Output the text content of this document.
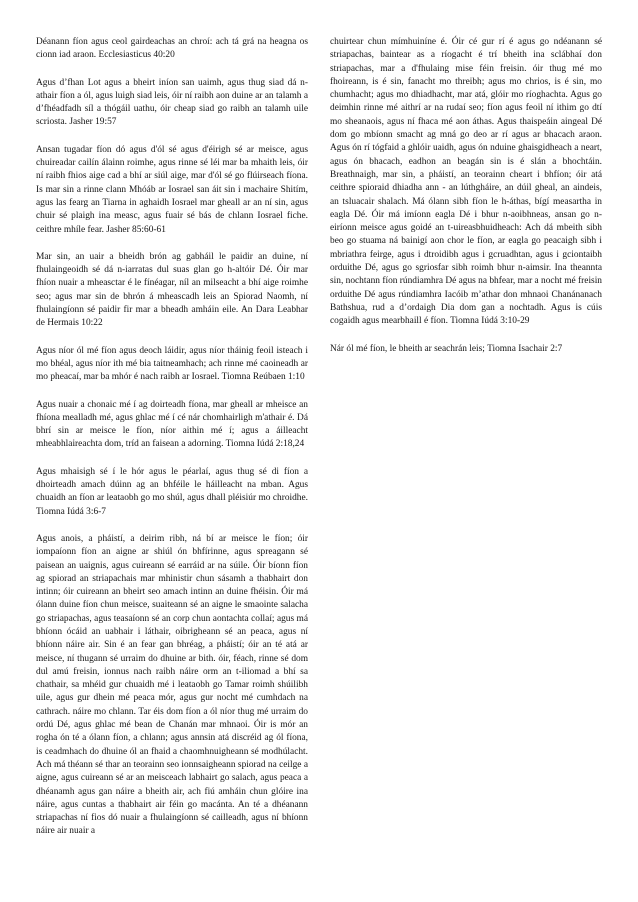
Déanann fíon agus ceol gairdeachas an chroí: ach tá grá na heagna os cionn iad araon. Ecclesiasticus 40:20

Agus d’fhan Lot agus a bheirt iníon san uaimh, agus thug siad dá n-athair fíon a ól, agus luigh siad leis, óir ní raibh aon duine ar an talamh a d’fhéadfadh síl a thógáil uathu, óir cheap siad go raibh an talamh uile scriosta. Jasher 19:57

Ansan tugadar fíon dó agus d'ól sé agus d'éirigh sé ar meisce, agus chuireadar cailín álainn roimhe, agus rinne sé léi mar ba mhaith leis, óir ní raibh fhios aige cad a bhí ar siúl aige, mar d'ól sé go flúirseach fíona. Is mar sin a rinne clann Mhóáb ar Iosrael san áit sin i machaire Shitím, agus las fearg an Tiarna in aghaidh Iosrael mar gheall ar an ní sin, agus chuir sé plaigh ina measc, agus fuair sé bás de chlann Iosrael fiche. ceithre mhíle fear. Jasher 85:60-61

Mar sin, an uair a bheidh brón ag gabháil le paidir an duine, ní fhulaingeoidh sé dá n-iarratas dul suas glan go h-altóir Dé. Óir mar fhíon nuair a mheasctar é le fínéagar, níl an milseacht a bhí aige roimhe seo; agus mar sin de bhrón á mheascadh leis an Spiorad Naomh, ní fhulaingíonn sé paidir fir mar a bheadh amháin eile. An Dara Leabhar de Hermais 10:22

Agus níor ól mé fíon agus deoch láidir, agus níor tháinig feoil isteach i mo bhéal, agus níor ith mé bia taitneamhach; ach rinne mé caoineadh ar mo pheacaí, mar ba mhór é nach raibh ar Iosrael. Tiomna Reúbaen 1:10

Agus nuair a chonaic mé í ag doirteadh fíona, mar gheall ar mheisce an fhíona mealladh mé, agus ghlac mé í cé nár chomhairligh m'athair é. Dá bhrí sin ar meisce le fíon, níor aithin mé í; agus a áilleacht mheabhlaireachta dom, tríd an faisean a adorning. Tiomna Iúdá 2:18,24

Agus mhaisigh sé í le hór agus le péarlaí, agus thug sé di fíon a dhoirteadh amach dúinn ag an bhféile le háilleacht na mban. Agus chuaidh an fíon ar leataobh go mo shúl, agus dhall pléisiúr mo chroidhe. Tiomna Iúdá 3:6-7

Agus anois, a pháistí, a deirim ribh, ná bí ar meisce le fíon; óir iompaíonn fíon an aigne ar shiúl ón bhfírinne, agus spreagann sé paisean an uaignis, agus cuireann sé earráid ar na súile. Óir bíonn fíon ag spiorad an striapachais mar mhinistir chun sásamh a thabhairt don intinn; óir cuireann an bheirt seo amach intinn an duine fhéisin. Óir má ólann duine fíon chun meisce, suaiteann sé an aigne le smaointe salacha go striapachas, agus teasaíonn sé an corp chun aontachta collaí; agus má bhíonn ócáid an uabhair i láthair, oibrigheann sé an peaca, agus ní bhíonn náire air. Sin é an fear gan bhréag, a pháistí; óir an té atá ar meisce, ní thugann sé urraim do dhuine ar bith. óir, féach, rinne sé dom dul amú freisin, ionnus nach raibh náire orm an t-iliomad a bhí sa chathair, sa mhéid gur chuaidh mé i leataobh go Tamar roimh shúilibh uile, agus gur dhein mé peaca mór, agus gur nocht mé cumhdach na cathrach. náire mo chlann. Tar éis dom fíon a ól níor thug mé urraim do ordú Dé, agus ghlac mé bean de Chanán mar mhnaoi. Óir is mór an rogha ón té a ólann fíon, a chlann; agus annsin atá discréid ag ól fíona, is ceadmhach do dhuine ól an fhaid a chaomhnuigheann sé modhúlacht. Ach má théann sé thar an teorainn seo ionnsaigheann spiorad na ceilge a aigne, agus cuireann sé ar an meisceach labhairt go salach, agus peaca a dhéanamh agus gan náire a bheith air, ach fiú amháin chun glóire ina náire, agus cuntas a thabhairt air féin go macánta. An té a dhéanann striapachas ní fios dó nuair a fhulaingíonn sé cailleadh, agus ní bhíonn náire air nuair a

chuirtear chun mímhuiníne é. Óir cé gur rí é agus go ndéanann sé striapachas, baintear as a ríogacht é trí bheith ina sclábhaí don striapachas, mar a d'fhulaing mise féin freisin. óir thug mé mo fhoireann, is é sin, fanacht mo threibh; agus mo chrios, is é sin, mo chumhacht; agus mo dhiadhacht, mar atá, glóir mo ríoghachta. Agus go deimhin rinne mé aithrí ar na rudaí seo; fíon agus feoil ní ithim go dtí mo sheanaois, agus ní fhaca mé aon áthas. Agus thaispeáin aingeal Dé dom go mbíonn smacht ag mná go deo ar rí agus ar bhacach araon. Agus ón rí tógfaid a ghlóir uaidh, agus ón nduine ghaisgidheach a neart, agus ón bhacach, eadhon an beagán sin is é slán a bhochtáin. Breathnaigh, mar sin, a pháistí, an teorainn cheart i bhfíon; óir atá ceithre spioraid dhiadha ann - an lúthgháire, an dúil gheal, an aindeis, an tsluacair shalach. Má ólann sibh fíon le h-áthas, bígí measartha in eagla Dé. Óir má imíonn eagla Dé i bhur n-aoibhneas, ansan go n-eiríonn meisce agus goidé an t-uireasbhuidheach: Ach dá mbeith sibh beo go stuama ná bainigí aon chor le fíon, ar eagla go peacaigh sibh i mbriathra feirge, agus i dtroidibh agus i gcruadhtan, agus i gciontaibh orduithe Dé, agus go sgriosfar sibh roimh bhur n-aimsir. Ina theannta sin, nochtann fíon rúndiamhra Dé agus na bhfear, mar a nocht mé freisin orduithe Dé agus rúndiamhra Iacóib m’athar don mhnaoi Chanánanach Bathshua, rud a d’ordaigh Dia dom gan a nochtadh. Agus is cúis cogaidh agus mearbhaill é fíon. Tiomna Iúdá 3:10-29

Nár ól mé fíon, le bheith ar seachrán leis; Tiomna Isachair 2:7
